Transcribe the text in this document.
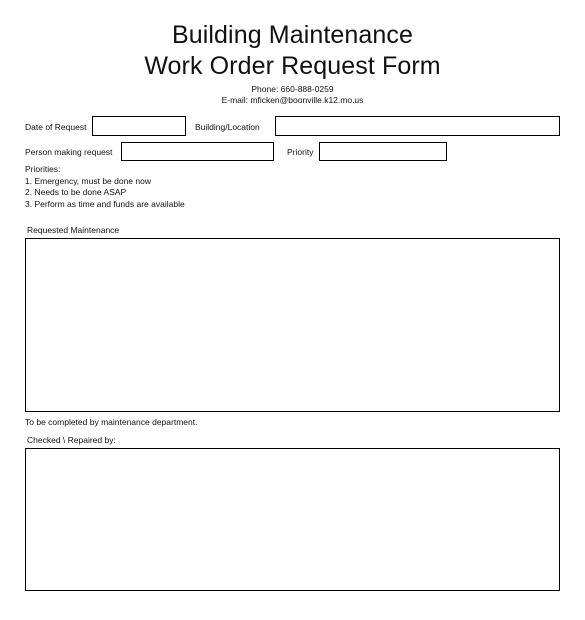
Building Maintenance
Work Order Request Form
Phone: 660-888-0259
E-mail: mficken@boonville.k12.mo.us
Date of Request	Building/Location
Person making request	Priority
Priorities:
1. Emergency, must be done now
2. Needs to be done ASAP
3. Perform as time and funds are available
Requested Maintenance
To be completed by maintenance department.
Checked \ Repaired by:
